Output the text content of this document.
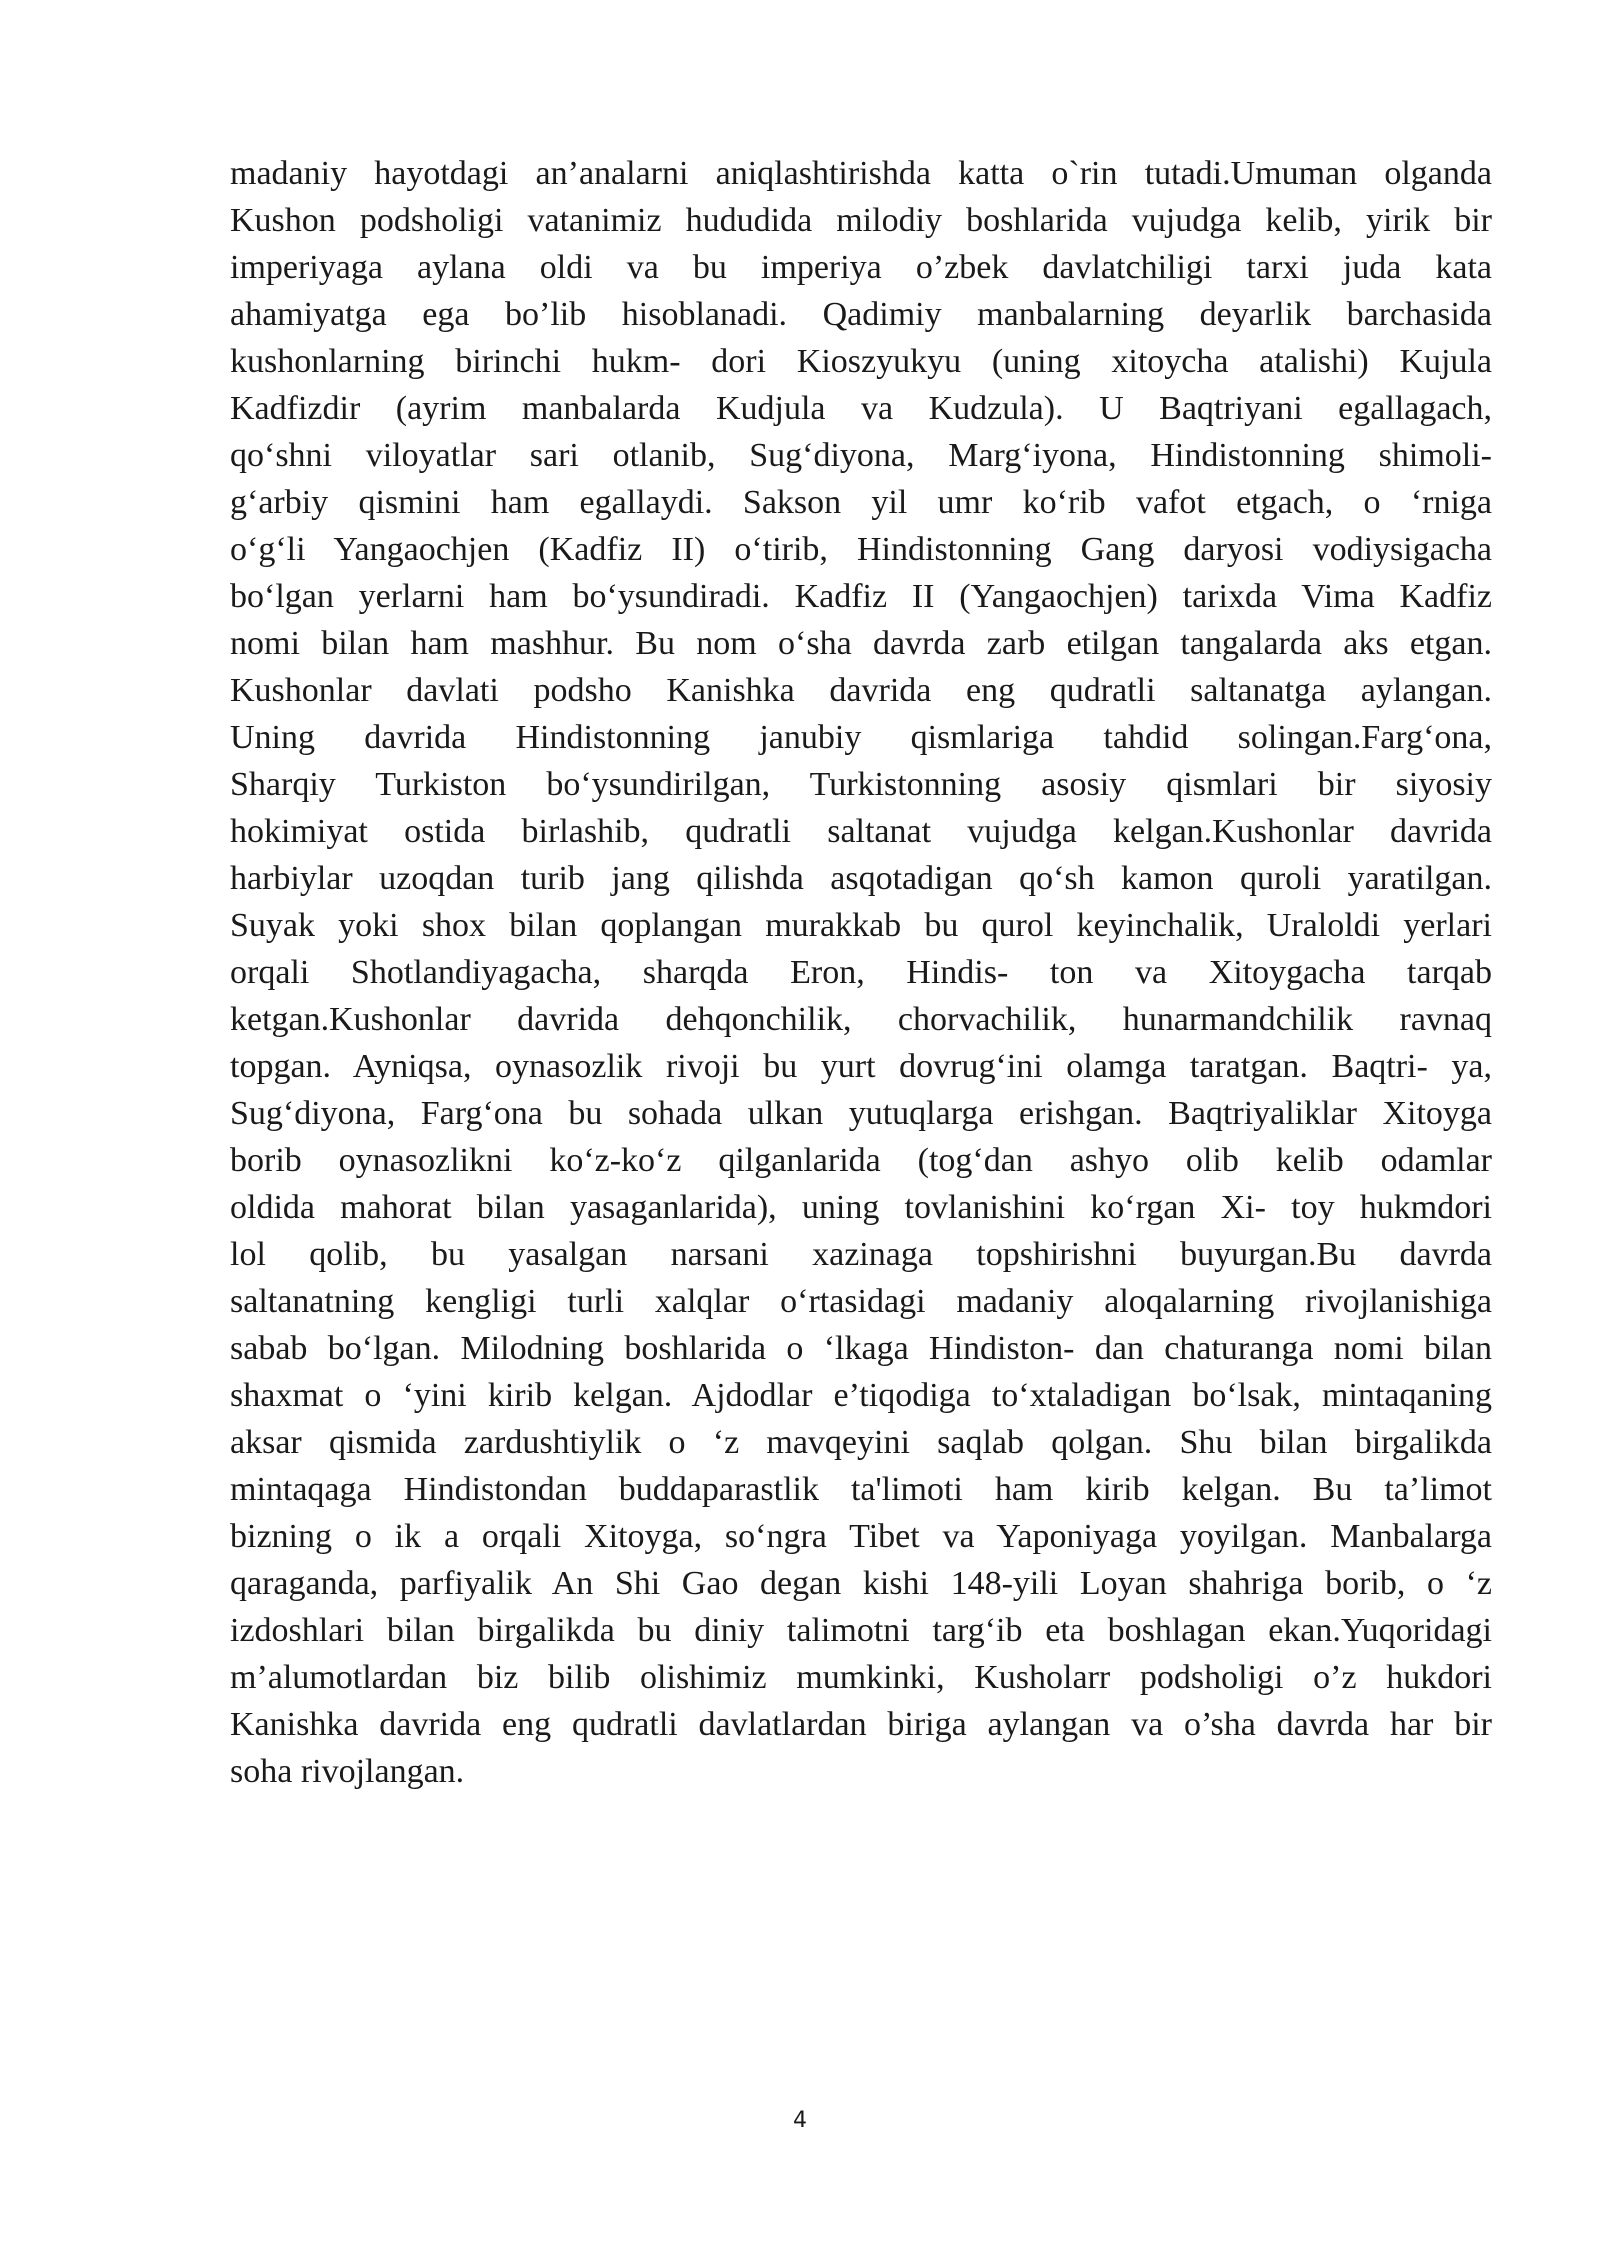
madaniy hayotdagi an’analarni aniqlashtirishda katta o`rin tutadi.Umuman olganda
Kushon podsholigi vatanimiz hududida milodiy boshlarida vujudga kelib, yirik bir
imperiyaga aylana oldi va bu imperiya o’zbek davlatchiligi tarxi juda kata
ahamiyatga ega bo’lib hisoblanadi. Qadimiy manbalarning deyarlik barchasida
kushonlarning birinchi hukm- dori Kioszyukyu (uning xitoycha atalishi) Kujula
Kadfizdir (ayrim manbalarda Kudjula va Kudzula). U Baqtriyani egallagach,
qo‘shni viloyatlar sari otlanib, Sug‘diyona, Marg‘iyona, Hindistonning shimoli-
g‘arbiy qismini ham egallaydi. Sakson yil umr ko‘rib vafot etgach, o ‘rniga
o‘g‘li Yangaochjen (Kadfiz II) o‘tirib, Hindistonning Gang daryosi vodiysigacha
bo‘lgan yerlarni ham bo‘ysundiradi. Kadfiz II (Yangaochjen) tarixda Vima Kadfiz
nomi bilan ham mashhur. Bu nom o‘sha davrda zarb etilgan tangalarda aks etgan.
Kushonlar davlati podsho Kanishka davrida eng qudratli saltanatga aylangan.
Uning davrida Hindistonning janubiy qismlariga tahdid solingan.Farg‘ona,
Sharqiy Turkiston bo‘ysundirilgan, Turkistonning asosiy qismlari bir siyosiy
hokimiyat ostida birlashib, qudratli saltanat vujudga kelgan.Kushonlar davrida
harbiylar uzoqdan turib jang qilishda asqotadigan qo‘sh kamon quroli yaratilgan.
Suyak yoki shox bilan qoplangan murakkab bu qurol keyinchalik, Uraloldi yerlari
orqali Shotlandiyagacha, sharqda Eron, Hindis- ton va Xitoygacha tarqab
ketgan.Kushonlar davrida dehqonchilik, chorvachilik, hunarmandchilik ravnaq
topgan. Ayniqsa, oynasozlik rivoji bu yurt dovrug‘ini olamga taratgan. Baqtri- ya,
Sug‘diyona, Farg‘ona bu sohada ulkan yutuqlarga erishgan. Baqtriyaliklar Xitoyga
borib oynasozlikni ko‘z-ko‘z qilganlarida (tog‘dan ashyo olib kelib odamlar
oldida mahorat bilan yasaganlarida), uning tovlanishini ko‘rgan Xi- toy hukmdori
lol qolib, bu yasalgan narsani xazinaga topshirishni buyurgan.Bu davrda
saltanatning kengligi turli xalqlar o‘rtasidagi madaniy aloqalarning rivojlanishiga
sabab bo‘lgan. Milodning boshlarida o ‘lkaga Hindiston- dan chaturanga nomi bilan
shaxmat o ‘yini kirib kelgan. Ajdodlar e’tiqodiga to‘xtaladigan bo‘lsak, mintaqaning
aksar qismida zardushtiylik o ‘z mavqeyini saqlab qolgan. Shu bilan birgalikda
mintaqaga Hindistondan buddaparastlik ta'limoti ham kirib kelgan. Bu ta’limot
bizning o ik a orqali Xitoyga, so‘ngra Tibet va Yaponiyaga yoyilgan. Manbalarga
qaraganda, parfiyalik An Shi Gao degan kishi 148-yili Loyan shahriga borib, o ‘z
izdoshlari bilan birgalikda bu diniy talimotni targ‘ib eta boshlagan ekan.Yuqoridagi
m’alumotlardan biz bilib olishimiz mumkinki, Kusholarr podsholigi o’z hukdori
Kanishka davrida eng qudratli davlatlardan biriga aylangan va o’sha davrda har bir
soha rivojlangan.
4
